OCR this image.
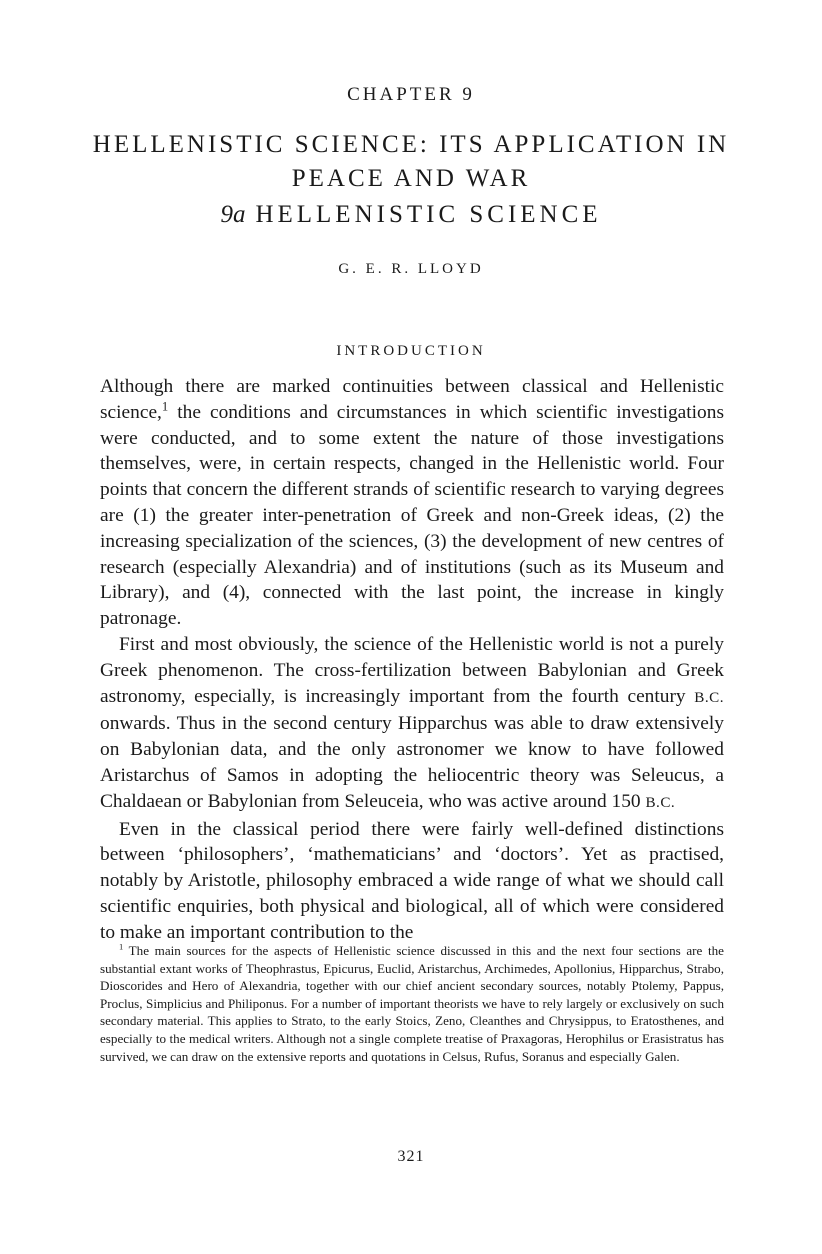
CHAPTER 9
HELLENISTIC SCIENCE: ITS APPLICATION IN PEACE AND WAR
9a HELLENISTIC SCIENCE
G. E. R. LLOYD
INTRODUCTION

Although there are marked continuities between classical and Hellenistic science,$^1$ the conditions and circumstances in which scientific investigations were conducted, and to some extent the nature of those investigations themselves, were, in certain respects, changed in the Hellenistic world. Four points that concern the different strands of scientific research to varying degrees are (1) the greater inter-penetration of Greek and non-Greek ideas, (2) the increasing specialization of the sciences, (3) the development of new centres of research (especially Alexandria) and of institutions (such as its Museum and Library), and (4), connected with the last point, the increase in kingly patronage.

First and most obviously, the science of the Hellenistic world is not a purely Greek phenomenon. The cross-fertilization between Babylonian and Greek astronomy, especially, is increasingly important from the fourth century B.C. onwards. Thus in the second century Hipparchus was able to draw extensively on Babylonian data, and the only astronomer we know to have followed Aristarchus of Samos in adopting the heliocentric theory was Seleucus, a Chaldaean or Babylonian from Seleuceia, who was active around 150 B.C.

Even in the classical period there were fairly well-defined distinctions between ‘philosophers’, ‘mathematicians’ and ‘doctors’. Yet as practised, notably by Aristotle, philosophy embraced a wide range of what we should call scientific enquiries, both physical and biological, all of which were considered to make an important contribution to the

$^1$ The main sources for the aspects of Hellenistic science discussed in this and the next four sections are the substantial extant works of Theophrastus, Epicurus, Euclid, Aristarchus, Archimedes, Apollonius, Hipparchus, Strabo, Dioscorides and Hero of Alexandria, together with our chief ancient secondary sources, notably Ptolemy, Pappus, Proclus, Simplicius and Philiponus. For a number of important theorists we have to rely largely or exclusively on such secondary material. This applies to Strato, to the early Stoics, Zeno, Cleanthes and Chrysippus, to Eratosthenes, and especially to the medical writers. Although not a single complete treatise of Praxagoras, Herophilus or Erasistratus has survived, we can draw on the extensive reports and quotations in Celsus, Rufus, Soranus and especially Galen.

321
